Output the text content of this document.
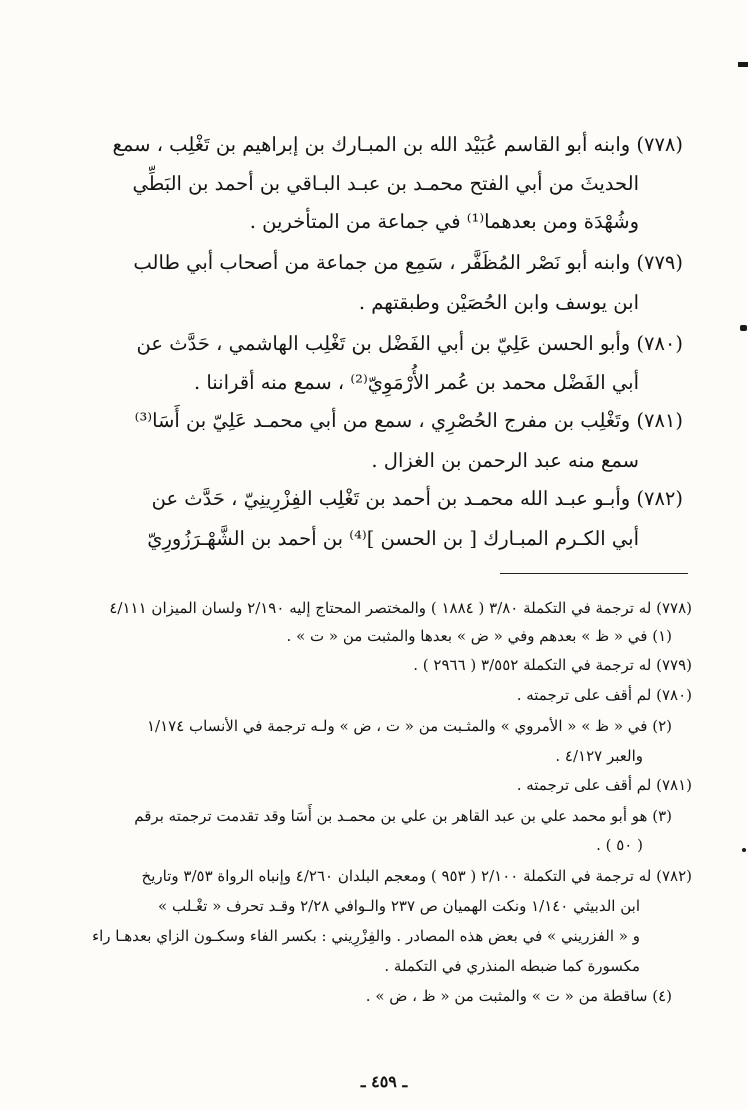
(٧٧٨) وابنه أبو القاسم عُبَيْد الله بن المبـارك بن إبراهيم بن تَغْلِب ، سمع
الحديثَ من أبي الفتح محمـد بن عبـد البـاقي بن أحمد بن البَطِّي
وشُهْدَة ومن بعدهما⁽¹⁾ في جماعة من المتأخرين .
(٧٧٩) وابنه أبو نَصْر المُظَفَّر ، سَمِع من جماعة من أصحاب أبي طالب
ابن يوسف وابن الحُصَيْن وطبقتهم .
(٧٨٠) وأبو الحسن عَلِيّ بن أبي الفَضْل بن تَغْلِب الهاشمي ، حَدَّث عن
أبي الفَضْل محمد بن عُمر الأُرْمَوِيّ⁽²⁾ ، سمع منه أقراننا .
(٧٨١) وتَغْلِب بن مفرج الحُصْرِي ، سمع من أبي محمـد عَلِيّ بن أَسَا⁽³⁾
سمع منه عبد الرحمن بن الغزال .
(٧٨٢) وأبـو عبـد الله محمـد بن أحمد بن تَغْلِب الفِزْرِينِيّ ، حَدَّث عن
أبي الكـرم المبـارك [ بن الحسن ]⁽⁴⁾ بن أحمد بن الشَّهْـرَزُورِيّ
(٧٧٨) له ترجمة في التكملة ٣/٨٠ ( ١٨٨٤ ) والمختصر المحتاج إليه ٢/١٩٠ ولسان الميزان ٤/١١١
(١) في « ظ » بعدهم وفي « ض » بعدها والمثبت من « ت » .
(٧٧٩) له ترجمة في التكملة ٣/٥٥٢ ( ٢٩٦٦ ) .
(٧٨٠) لم أقف على ترجمته .
(٢) في « ظ » « الأمروي » والمثـبت من « ت ، ض » ولـه ترجمة في الأنساب ١/١٧٤
والعبر ٤/١٢٧ .
(٧٨١) لم أقف على ترجمته .
(٣) هو أبو محمد علي بن عبد القاهر بن علي بن محمـد بن أَسَا وقد تقدمت ترجمته برقم
( ٥٠ ) .
(٧٨٢) له ترجمة في التكملة ٢/١٠٠ ( ٩٥٣ ) ومعجم البلدان ٤/٢٦٠ وإنباه الرواة ٣/٥٣ وتاريخ
ابن الدبيثي ١/١٤٠ ونكت الهميان ص ٢٣٧ والـوافي ٢/٢٨ وقـد تحرف « تغْـلب »
و « الفزريني » في بعض هذه المصادر . والفِزْرِيني : بكسر الفاء وسكـون الزاي بعدهـا راء
مكسورة كما ضبطه المنذري في التكملة .
(٤) ساقطة من « ت » والمثبت من « ظ ، ض » .
ـ ٤٥٩ ـ
